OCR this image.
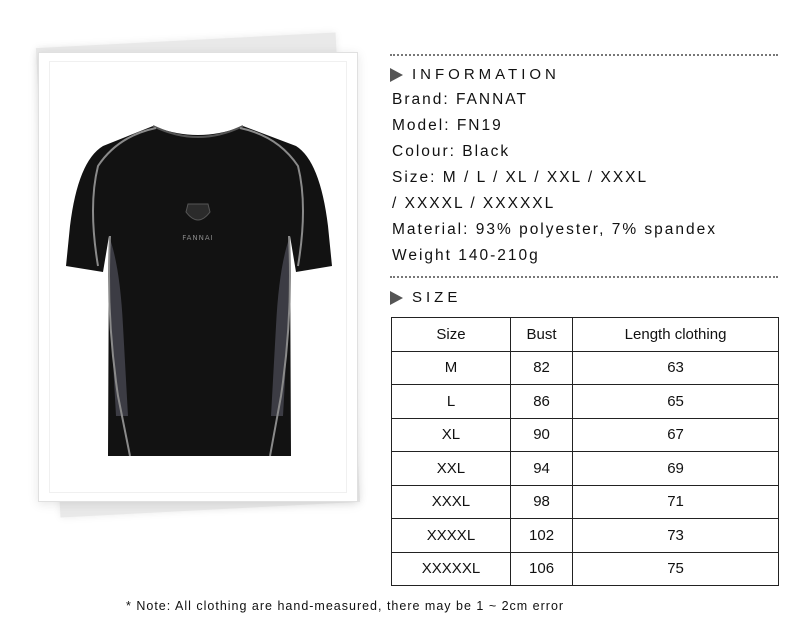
FANNAI
INFORMATION
Brand: FANNAT
Model: FN19
Colour: Black
Size: M / L / XL / XXL / XXXL
/ XXXXL / XXXXXL
Material: 93% polyester, 7% spandex
Weight 140-210g
SIZE
Size	Bust	Length clothing
M	82	63
L	86	65
XL	90	67
XXL	94	69
XXXL	98	71
XXXXL	102	73
XXXXXL	106	75
* Note: All clothing are hand-measured, there may be 1 ~ 2cm error
